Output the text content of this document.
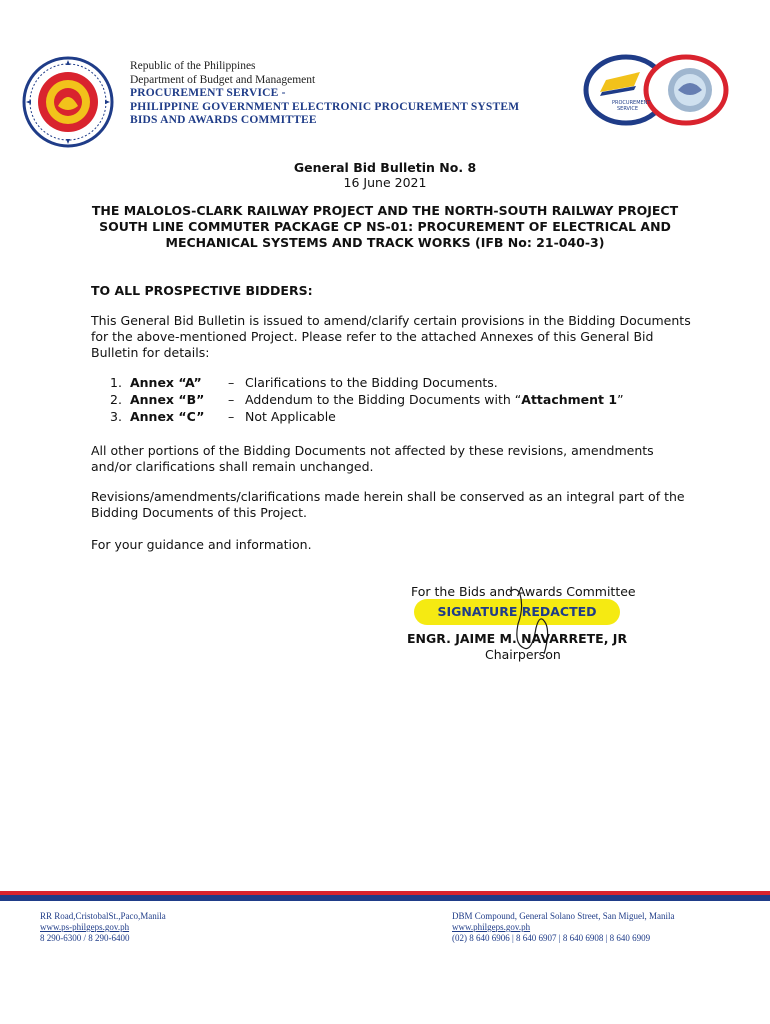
Republic of the Philippines
Department of Budget and Management
PROCUREMENT SERVICE -
PHILIPPINE GOVERNMENT ELECTRONIC PROCUREMENT SYSTEM
BIDS AND AWARDS COMMITTEE
PROCUREMENT
SERVICE
General Bid Bulletin No. 8
16 June 2021
THE MALOLOS-CLARK RAILWAY PROJECT AND THE NORTH-SOUTH RAILWAY PROJECT SOUTH LINE COMMUTER PACKAGE CP NS-01: PROCUREMENT OF ELECTRICAL AND MECHANICAL SYSTEMS AND TRACK WORKS (IFB No: 21-040-3)
TO ALL PROSPECTIVE BIDDERS:
This General Bid Bulletin is issued to amend/clarify certain provisions in the Bidding Documents for the above-mentioned Project. Please refer to the attached Annexes of this General Bid Bulletin for details:
1. Annex “A” – Clarifications to the Bidding Documents.
2. Annex “B” – Addendum to the Bidding Documents with “Attachment 1”
3. Annex “C” – Not Applicable
All other portions of the Bidding Documents not affected by these revisions, amendments and/or clarifications shall remain unchanged.
Revisions/amendments/clarifications made herein shall be conserved as an integral part of the Bidding Documents of this Project.
For your guidance and information.
For the Bids and Awards Committee
SIGNATURE REDACTED
ENGR. JAIME M. NAVARRETE, JR
Chairperson
RR Road,CristobalSt.,Paco,Manila
www.ps-philgeps.gov.ph
8 290-6300 / 8 290-6400
DBM Compound, General Solano Street, San Miguel, Manila
www.philgeps.gov.ph
(02) 8 640 6906 | 8 640 6907 | 8 640 6908 | 8 640 6909
